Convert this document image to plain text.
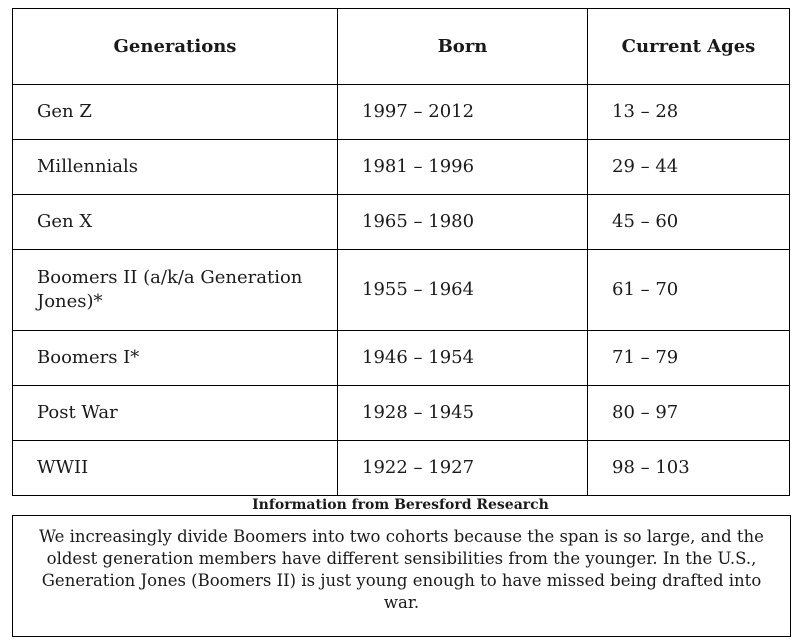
Generations	Born	Current Ages
Gen Z	1997 – 2012	13 – 28
Millennials	1981 – 1996	29 – 44
Gen X	1965 – 1980	45 – 60
Boomers II (a/k/a Generation Jones)*	1955 – 1964	61 – 70
Boomers I*	1946 – 1954	71 – 79
Post War	1928 – 1945	80 – 97
WWII	1922 – 1927	98 – 103
Information from Beresford Research
We increasingly divide Boomers into two cohorts because the span is so large, and the oldest generation members have different sensibilities from the younger. In the U.S., Generation Jones (Boomers II) is just young enough to have missed being drafted into war.
